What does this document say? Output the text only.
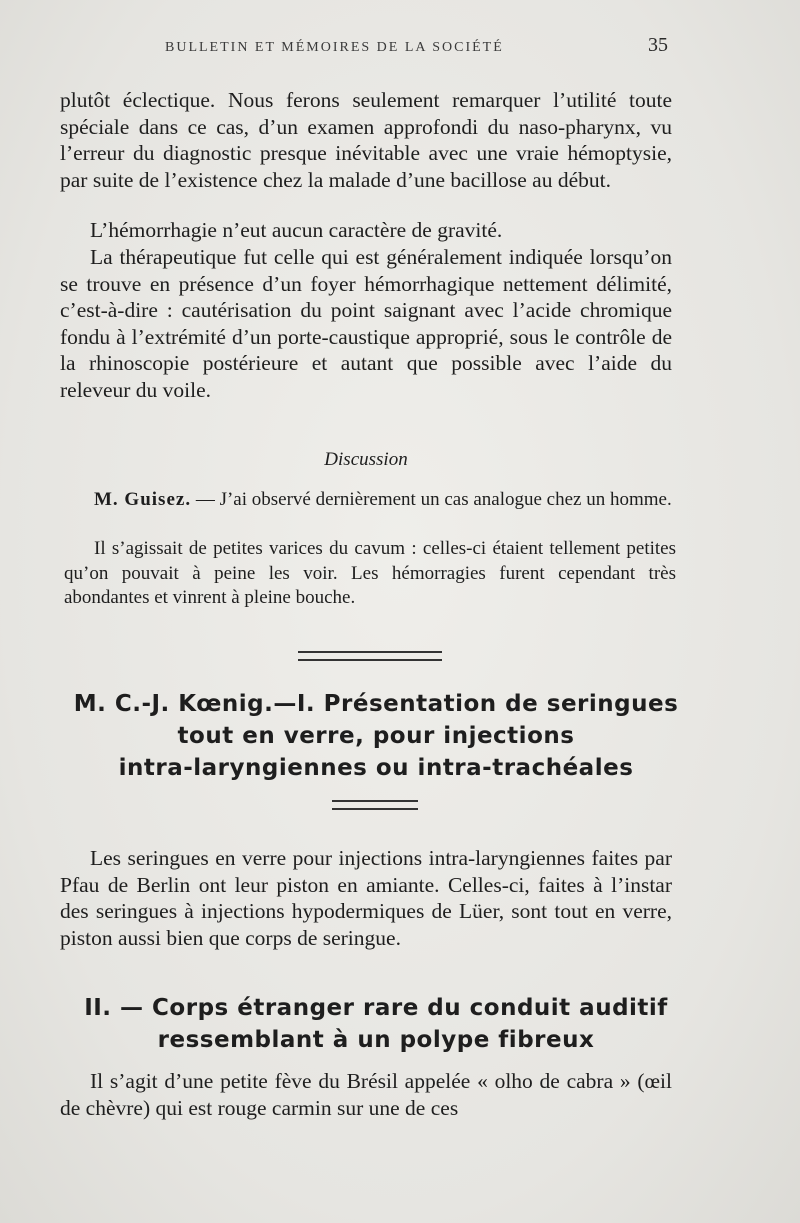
BULLETIN ET MÉMOIRES DE LA SOCIÉTÉ	35

plutôt éclectique. Nous ferons seulement remarquer l’utilité toute spéciale dans ce cas, d’un examen approfondi du naso-pharynx, vu l’erreur du diagnostic presque inévitable avec une vraie hémoptysie, par suite de l’existence chez la malade d’une bacillose au début.

L’hémorrhagie n’eut aucun caractère de gravité.

La thérapeutique fut celle qui est généralement indiquée lorsqu’on se trouve en présence d’un foyer hémorrhagique nettement délimité, c’est-à-dire : cautérisation du point saignant avec l’acide chromique fondu à l’extrémité d’un porte-caustique approprié, sous le contrôle de la rhinoscopie postérieure et autant que possible avec l’aide du releveur du voile.

Discussion

M. Guisez. — J’ai observé dernièrement un cas analogue chez un homme.

Il s’agissait de petites varices du cavum : celles-ci étaient tellement petites qu’on pouvait à peine les voir. Les hémorragies furent cependant très abondantes et vinrent à pleine bouche.

M. C.-J. Kœnig.—I. Présentation de seringues
tout en verre, pour injections
intra-laryngiennes ou intra-trachéales

Les seringues en verre pour injections intra-laryngiennes faites par Pfau de Berlin ont leur piston en amiante. Celles-ci, faites à l’instar des seringues à injections hypodermiques de Lüer, sont tout en verre, piston aussi bien que corps de seringue.

II. — Corps étranger rare du conduit auditif
ressemblant à un polype fibreux

Il s’agit d’une petite fève du Brésil appelée « olho de cabra » (œil de chèvre) qui est rouge carmin sur une de ces
